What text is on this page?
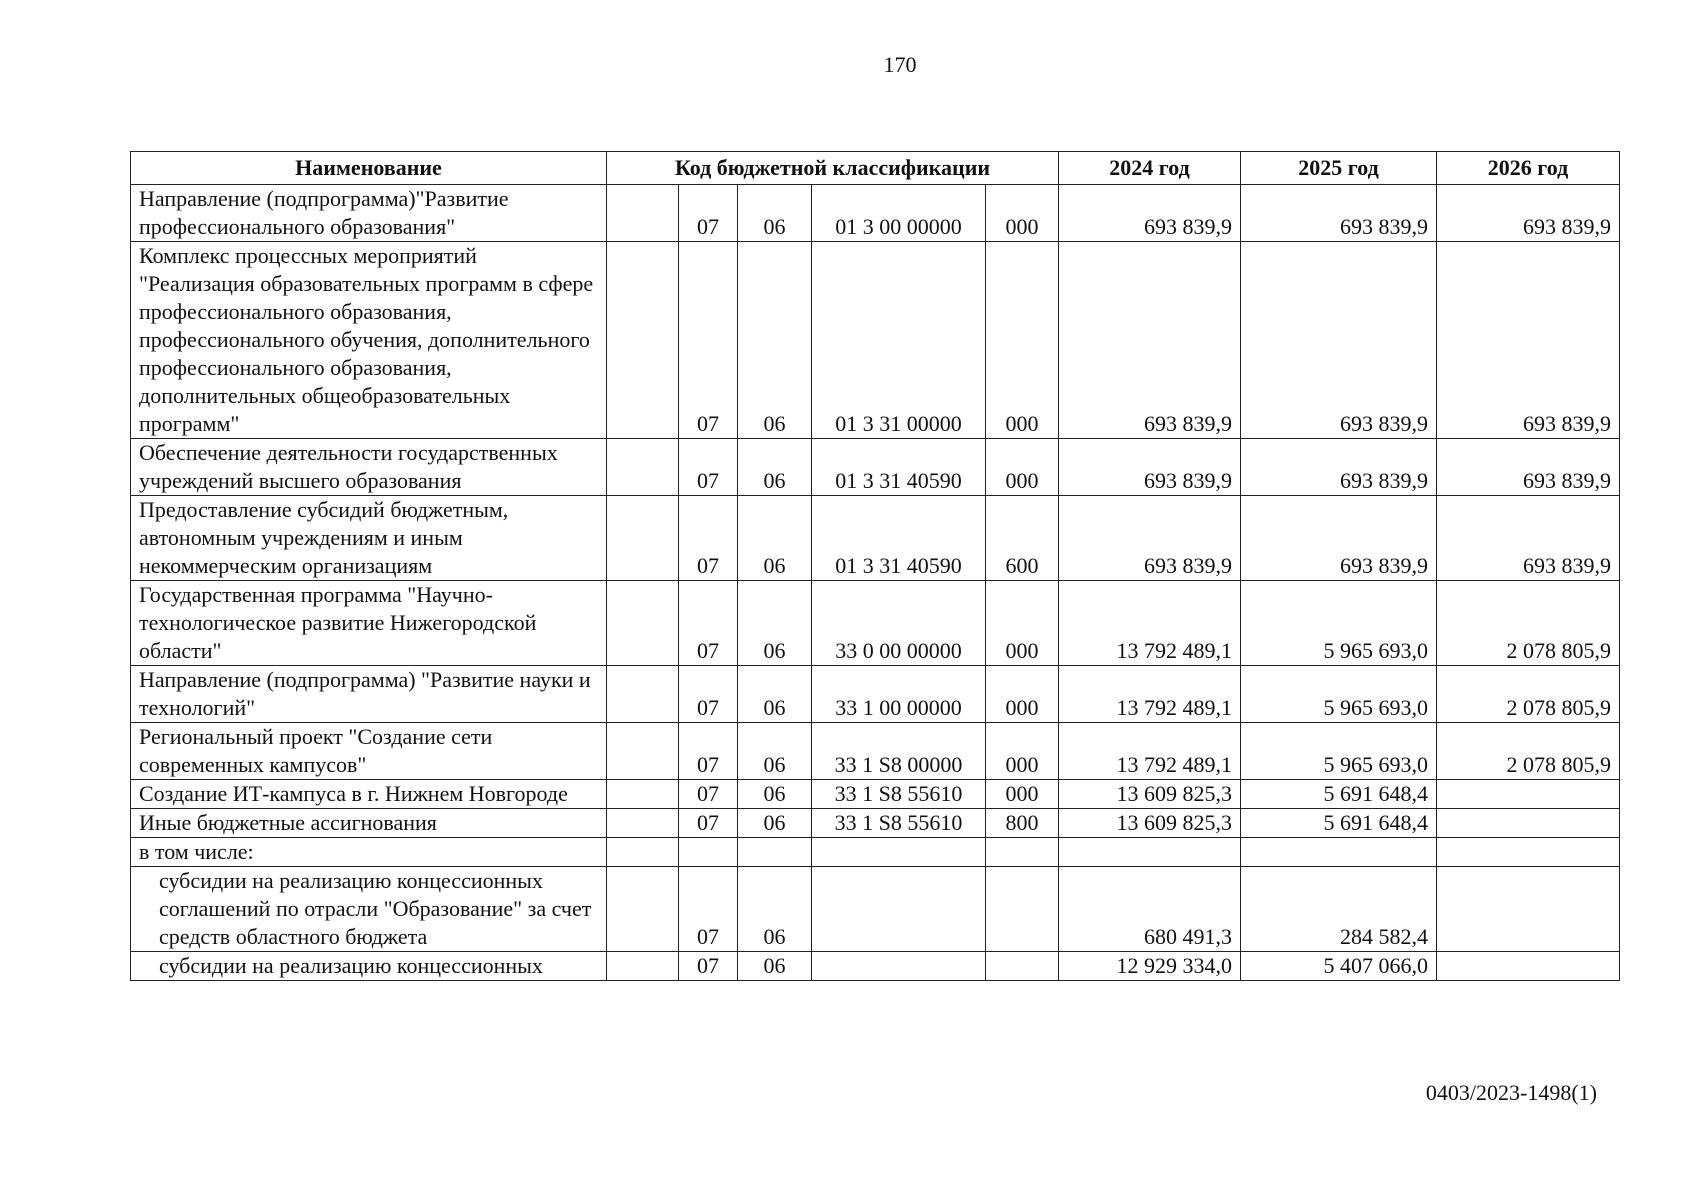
170
Наименование	Код бюджетной классификации					2024 год	2025 год	2026 год
Направление (подпрограмма)"Развитие профессионального образования"		07	06	01 3 00 00000	000	693 839,9	693 839,9	693 839,9
Комплекс процессных мероприятий "Реализация образовательных программ в сфере профессионального образования, профессионального обучения, дополнительного профессионального образования, дополнительных общеобразовательных программ"		07	06	01 3 31 00000	000	693 839,9	693 839,9	693 839,9
Обеспечение деятельности государственных учреждений высшего образования		07	06	01 3 31 40590	000	693 839,9	693 839,9	693 839,9
Предоставление субсидий бюджетным, автономным учреждениям и иным некоммерческим организациям		07	06	01 3 31 40590	600	693 839,9	693 839,9	693 839,9
Государственная программа "Научно-технологическое развитие Нижегородской области"		07	06	33 0 00 00000	000	13 792 489,1	5 965 693,0	2 078 805,9
Направление (подпрограмма) "Развитие науки и технологий"		07	06	33 1 00 00000	000	13 792 489,1	5 965 693,0	2 078 805,9
Региональный проект "Создание сети современных кампусов"		07	06	33 1 S8 00000	000	13 792 489,1	5 965 693,0	2 078 805,9
Создание ИТ-кампуса в г. Нижнем Новгороде		07	06	33 1 S8 55610	000	13 609 825,3	5 691 648,4	
Иные бюджетные ассигнования		07	06	33 1 S8 55610	800	13 609 825,3	5 691 648,4	
в том числе:								
субсидии на реализацию концессионных соглашений по отрасли "Образование" за счет средств областного бюджета		07	06			680 491,3	284 582,4	
субсидии на реализацию концессионных		07	06			12 929 334,0	5 407 066,0	
0403/2023-1498(1)
